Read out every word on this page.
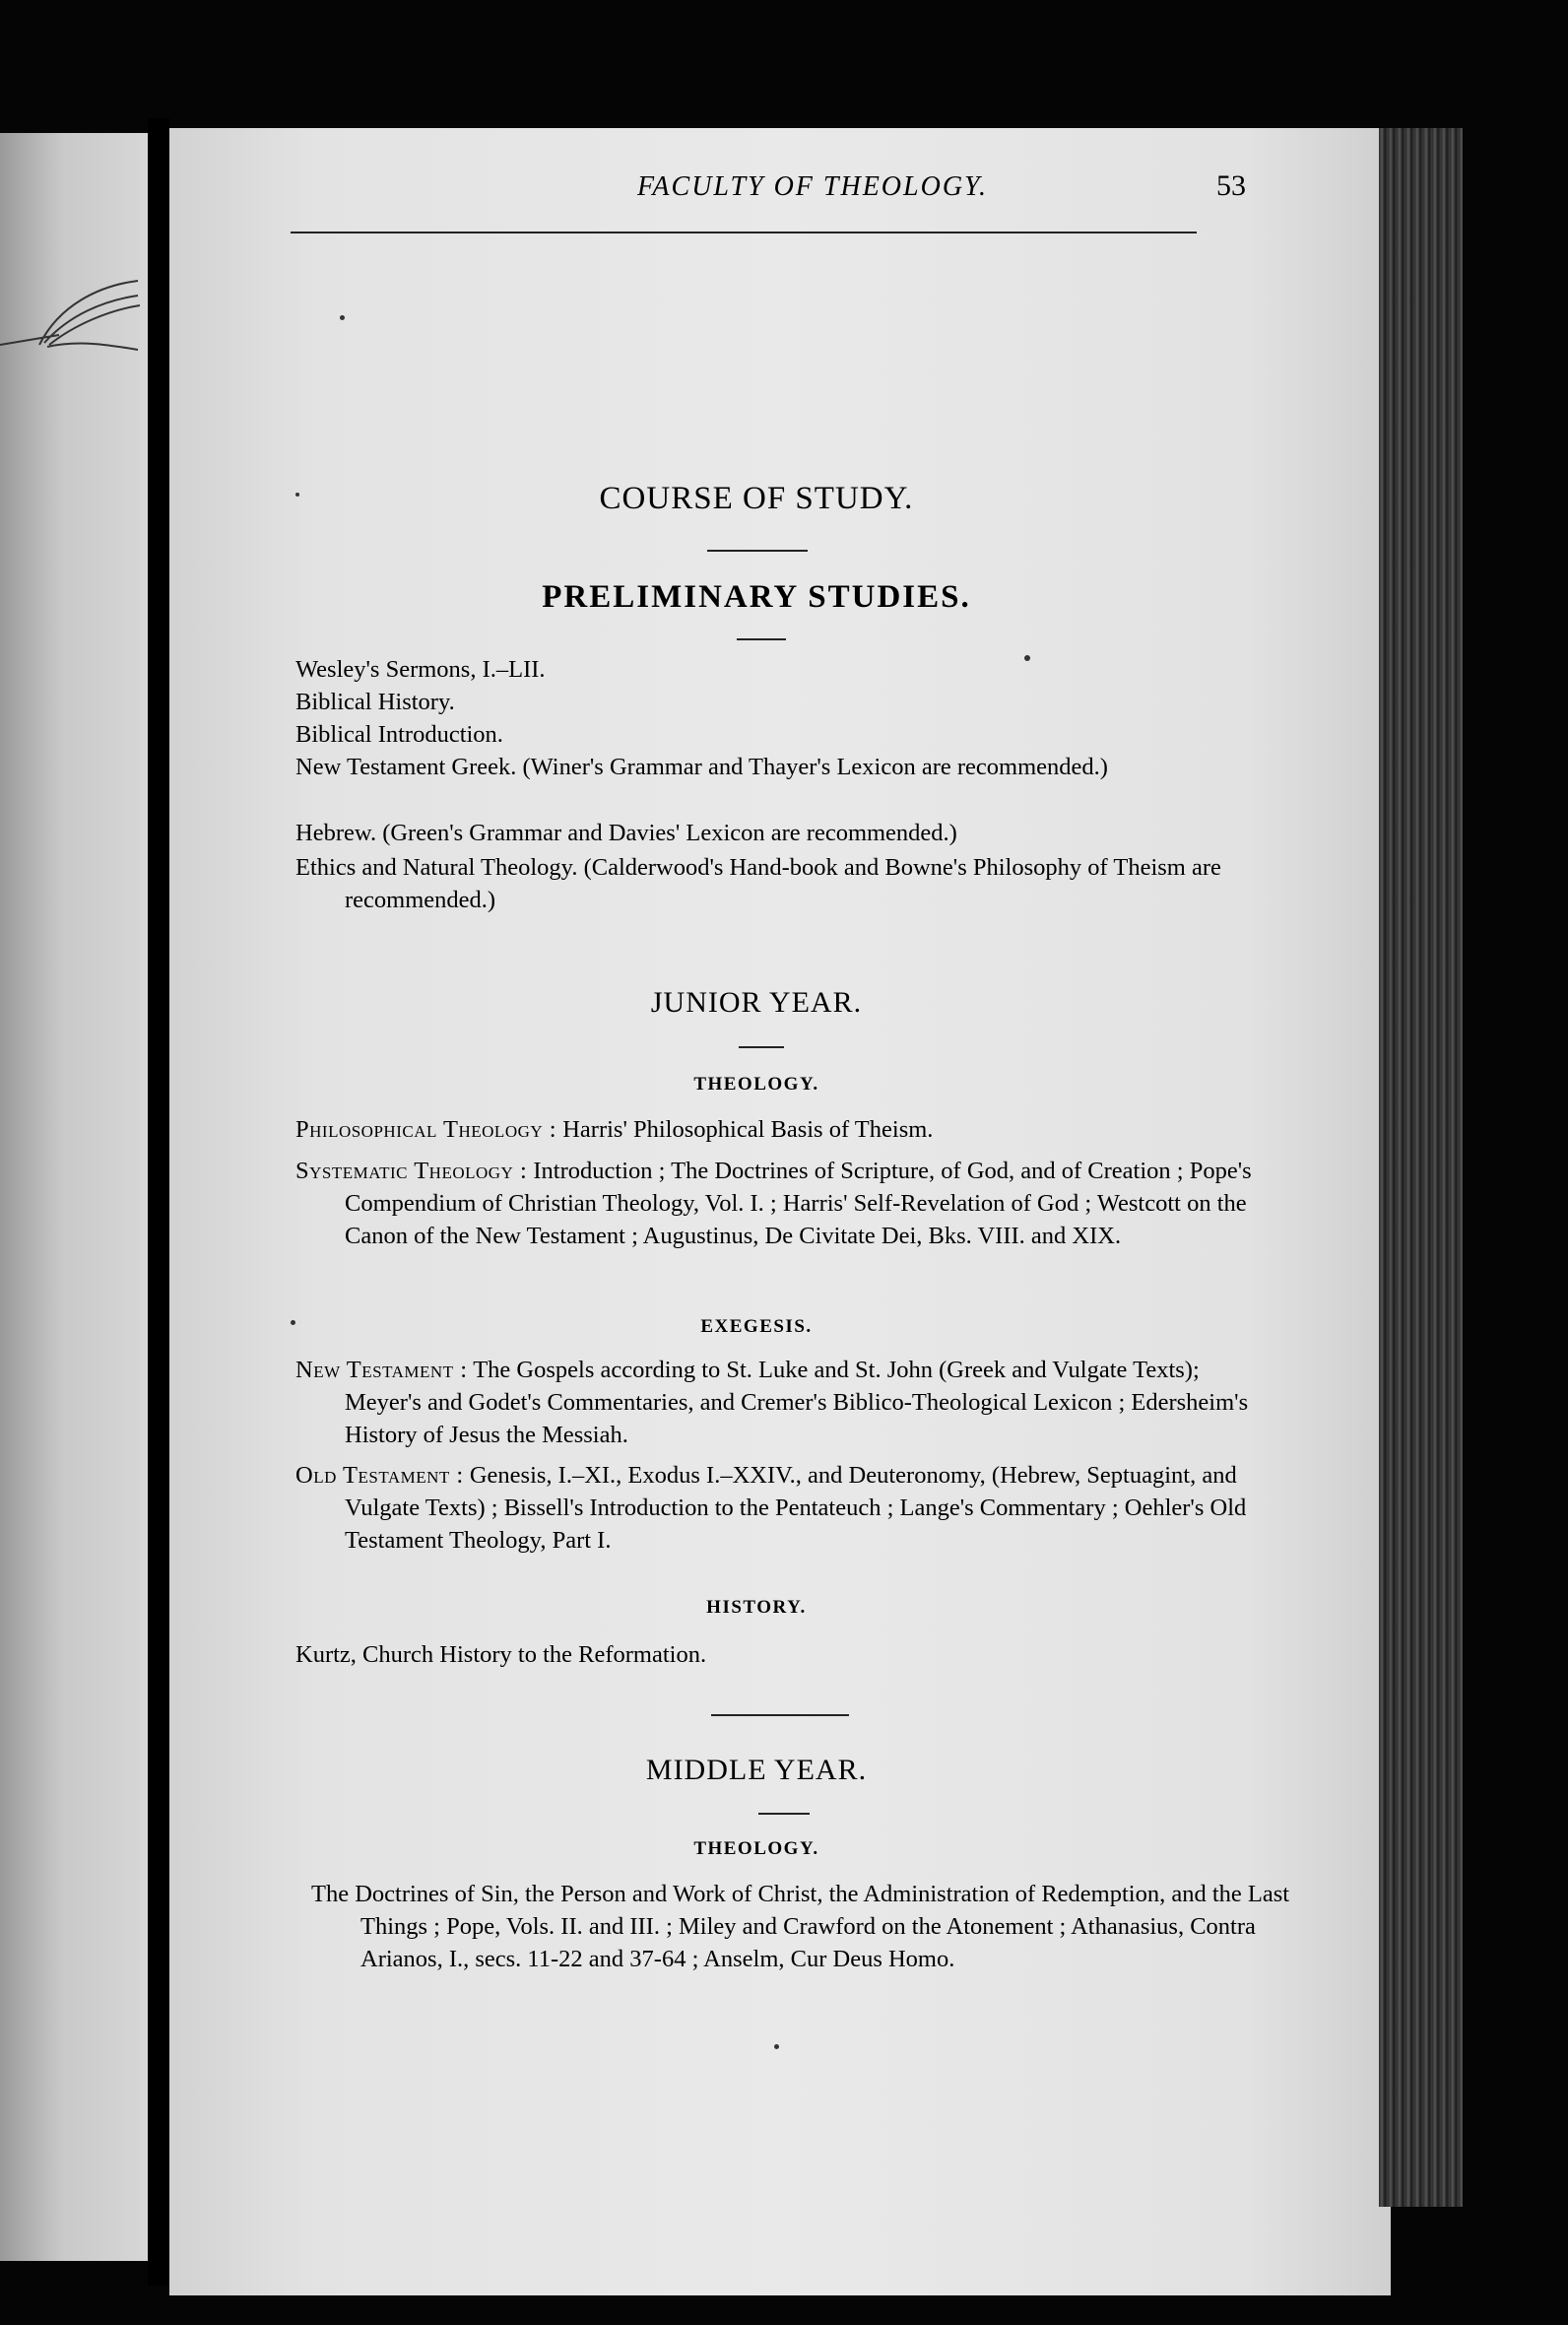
FACULTY OF THEOLOGY.	53
COURSE OF STUDY.
PRELIMINARY STUDIES.
Wesley's Sermons, I.–LII.
Biblical History.
Biblical Introduction.
New Testament Greek. (Winer's Grammar and Thayer's Lexicon are recommended.)
Hebrew. (Green's Grammar and Davies' Lexicon are recommended.)
Ethics and Natural Theology. (Calderwood's Hand-book and Bowne's Philosophy of Theism are recommended.)
JUNIOR YEAR.
THEOLOGY.
Philosophical Theology : Harris' Philosophical Basis of Theism.
Systematic Theology : Introduction ; The Doctrines of Scripture, of God, and of Creation ; Pope's Compendium of Christian Theology, Vol. I. ; Harris' Self-Revelation of God ; Westcott on the Canon of the New Testament ; Augustinus, De Civitate Dei, Bks. VIII. and XIX.
EXEGESIS.
New Testament : The Gospels according to St. Luke and St. John (Greek and Vulgate Texts); Meyer's and Godet's Commentaries, and Cremer's Biblico-Theological Lexicon ; Edersheim's History of Jesus the Messiah.
Old Testament : Genesis, I.–XI., Exodus I.–XXIV., and Deuteronomy, (Hebrew, Septuagint, and Vulgate Texts) ; Bissell's Introduction to the Pentateuch ; Lange's Commentary ; Oehler's Old Testament Theology, Part I.
HISTORY.
Kurtz, Church History to the Reformation.
MIDDLE YEAR.
THEOLOGY.
The Doctrines of Sin, the Person and Work of Christ, the Administration of Redemption, and the Last Things ; Pope, Vols. II. and III. ; Miley and Crawford on the Atonement ; Athanasius, Contra Arianos, I., secs. 11-22 and 37-64 ; Anselm, Cur Deus Homo.
